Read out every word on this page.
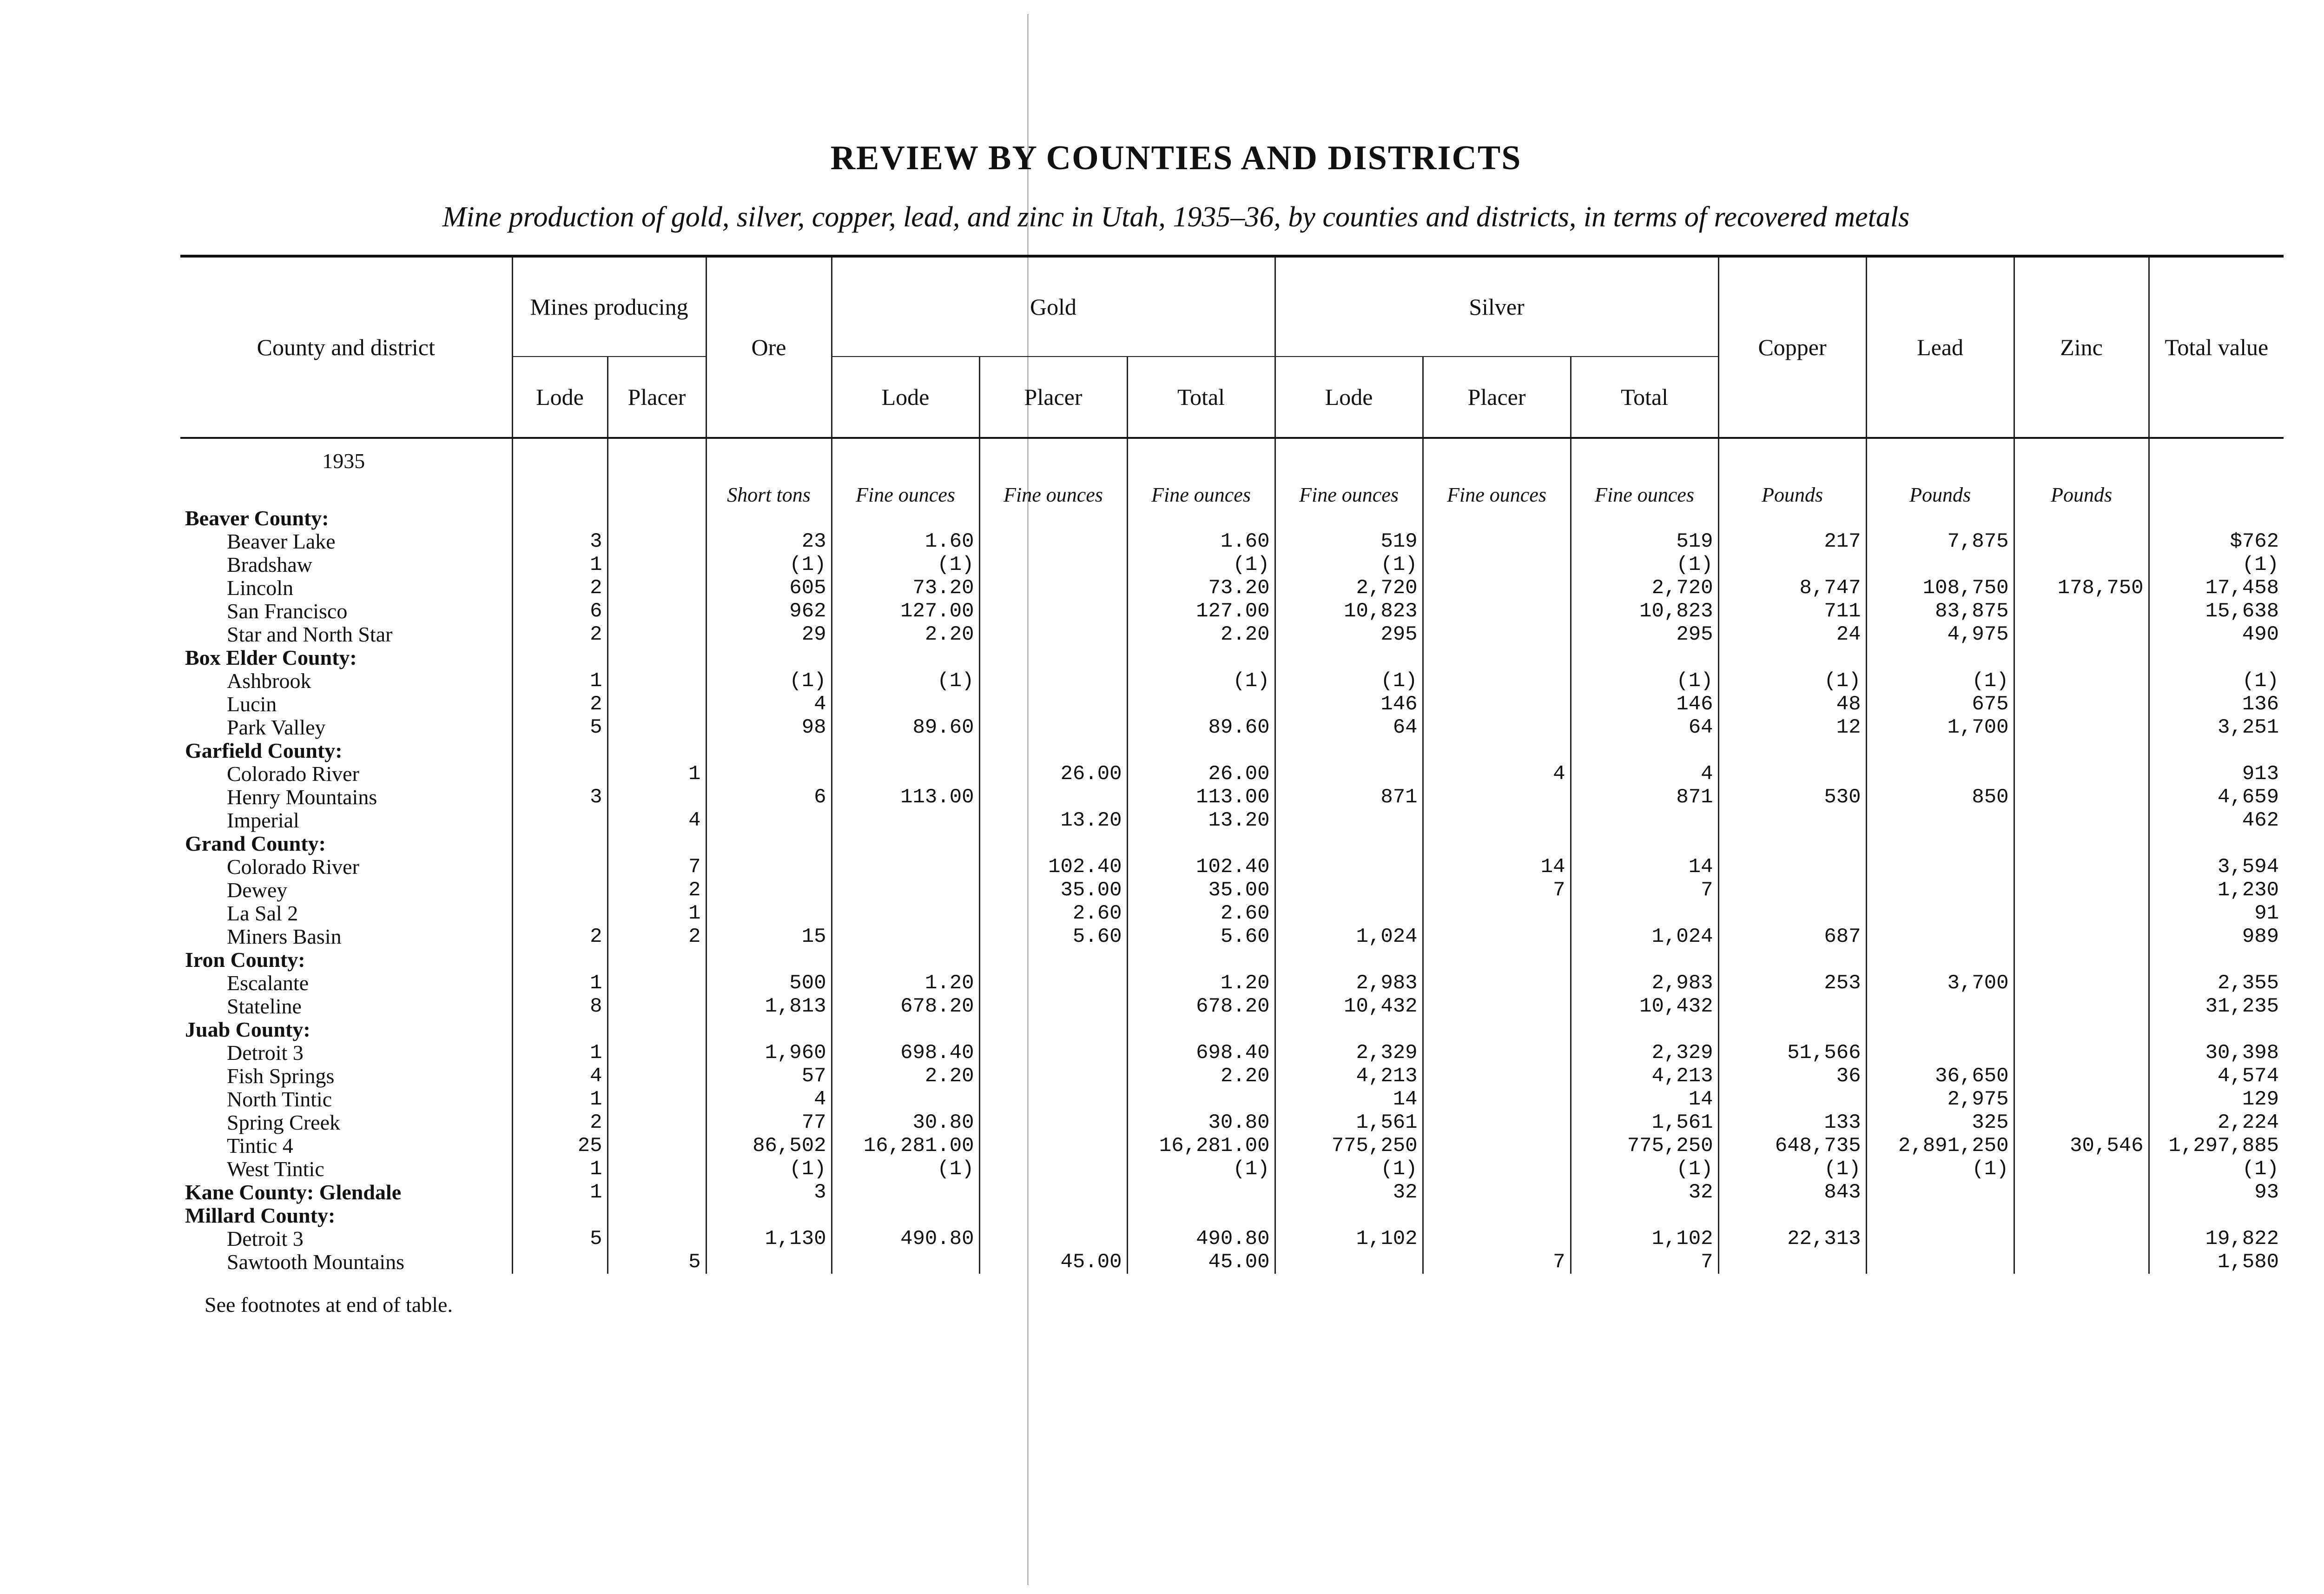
REVIEW BY COUNTIES AND DISTRICTS
Mine production of gold, silver, copper, lead, and zinc in Utah, 1935–36, by counties and districts, in terms of recovered metals
County and district	Mines producing		Ore	Gold			Silver			Copper	Lead	Zinc	Total value
	Lode	Placer		Lode	Placer	Total	Lode	Placer	Total				
1935													
			Short tons	Fine ounces	Fine ounces	Fine ounces	Fine ounces	Fine ounces	Fine ounces	Pounds	Pounds	Pounds	
Beaver County:													
Beaver Lake	3		23	1.60		1.60	519		519	217	7,875		$762
Bradshaw	1		(1)	(1)		(1)	(1)		(1)				(1)
Lincoln	2		605	73.20		73.20	2,720		2,720	8,747	108,750	178,750	17,458
San Francisco	6		962	127.00		127.00	10,823		10,823	711	83,875		15,638
Star and North Star	2		29	2.20		2.20	295		295	24	4,975		490
Box Elder County:													
Ashbrook	1		(1)	(1)		(1)	(1)		(1)	(1)	(1)		(1)
Lucin	2		4				146		146	48	675		136
Park Valley	5		98	89.60		89.60	64		64	12	1,700		3,251
Garfield County:													
Colorado River		1			26.00	26.00		4	4				913
Henry Mountains	3		6	113.00		113.00	871		871	530	850		4,659
Imperial		4			13.20	13.20							462
Grand County:													
Colorado River		7			102.40	102.40		14	14				3,594
Dewey		2			35.00	35.00		7	7				1,230
La Sal 2		1			2.60	2.60							91
Miners Basin	2	2	15		5.60	5.60	1,024		1,024	687			989
Iron County:													
Escalante	1		500	1.20		1.20	2,983		2,983	253	3,700		2,355
Stateline	8		1,813	678.20		678.20	10,432		10,432				31,235
Juab County:													
Detroit 3	1		1,960	698.40		698.40	2,329		2,329	51,566			30,398
Fish Springs	4		57	2.20		2.20	4,213		4,213	36	36,650		4,574
North Tintic	1		4				14		14		2,975		129
Spring Creek	2		77	30.80		30.80	1,561		1,561	133	325		2,224
Tintic 4	25		86,502	16,281.00		16,281.00	775,250		775,250	648,735	2,891,250	30,546	1,297,885
West Tintic	1		(1)	(1)		(1)	(1)		(1)	(1)	(1)		(1)
Kane County: Glendale	1		3				32		32	843			93
Millard County:													
Detroit 3	5		1,130	490.80		490.80	1,102		1,102	22,313			19,822
Sawtooth Mountains		5			45.00	45.00		7	7				1,580
See footnotes at end of table.
